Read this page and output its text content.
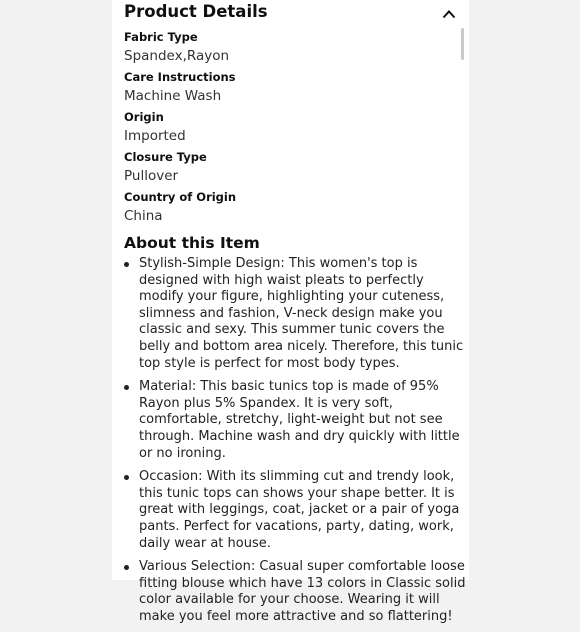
Product Details
Fabric Type
Spandex,Rayon
Care Instructions
Machine Wash
Origin
Imported
Closure Type
Pullover
Country of Origin
China
About this Item
Stylish-Simple Design: This women's top is designed with high waist pleats to perfectly modify your figure, highlighting your cuteness, slimness and fashion, V-neck design make you classic and sexy. This summer tunic covers the belly and bottom area nicely. Therefore, this tunic top style is perfect for most body types.
Material: This basic tunics top is made of 95% Rayon plus 5% Spandex. It is very soft, comfortable, stretchy, light-weight but not see through. Machine wash and dry quickly with little or no ironing.
Occasion: With its slimming cut and trendy look, this tunic tops can shows your shape better. It is great with leggings, coat, jacket or a pair of yoga pants. Perfect for vacations, party, dating, work, daily wear at house.
Various Selection: Casual super comfortable loose fitting blouse which have 13 colors in Classic solid color available for your choose. Wearing it will make you feel more attractive and so flattering!
